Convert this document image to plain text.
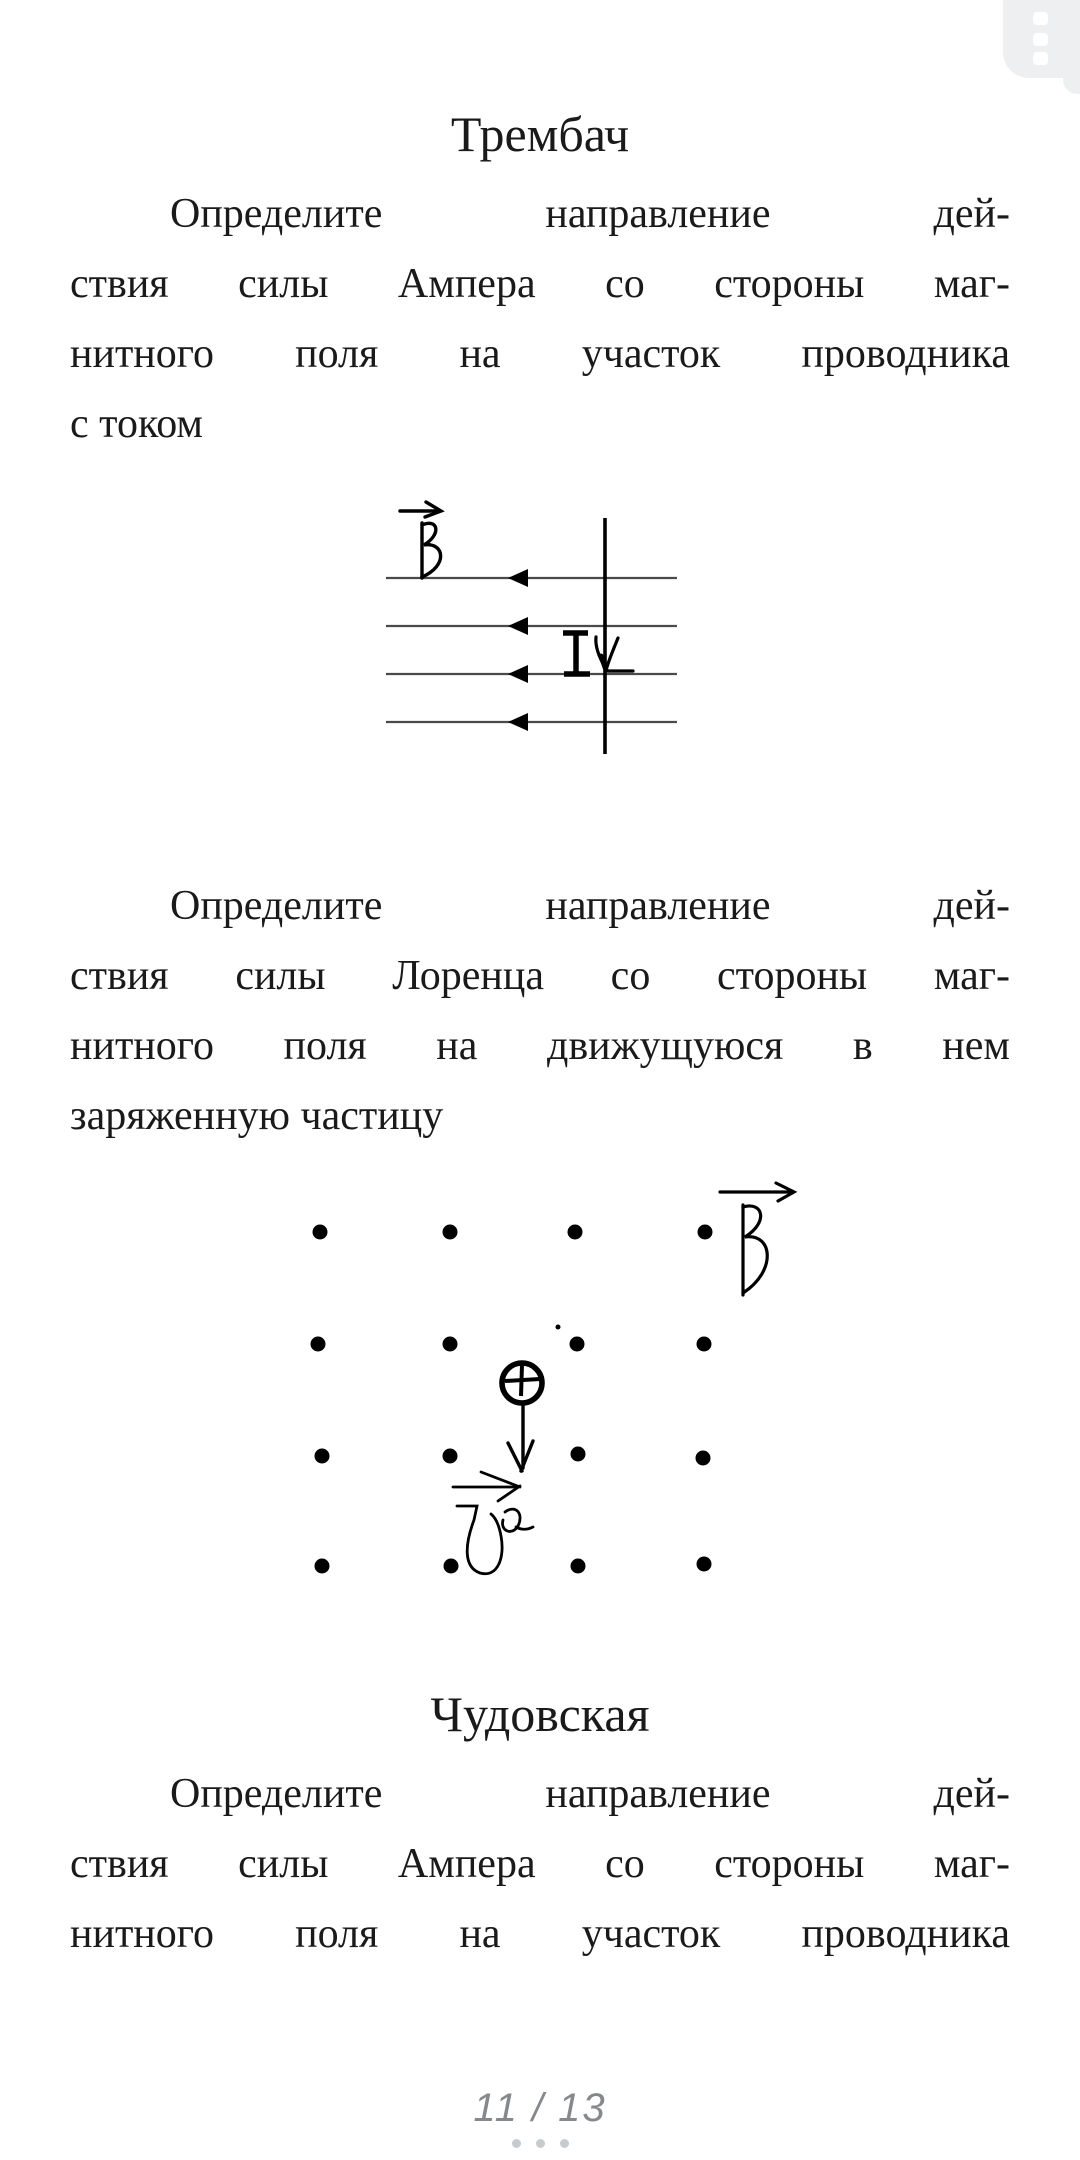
Трембач
Определите направление дей-
ствия силы Ампера со стороны маг-
нитного поля на участок проводника
с током
Определите направление дей-
ствия силы Лоренца со стороны маг-
нитного поля на движущуюся в нем
заряженную частицу
Чудовская
Определите направление дей-
ствия силы Ампера со стороны маг-
нитного поля на участок проводника
11 / 13
